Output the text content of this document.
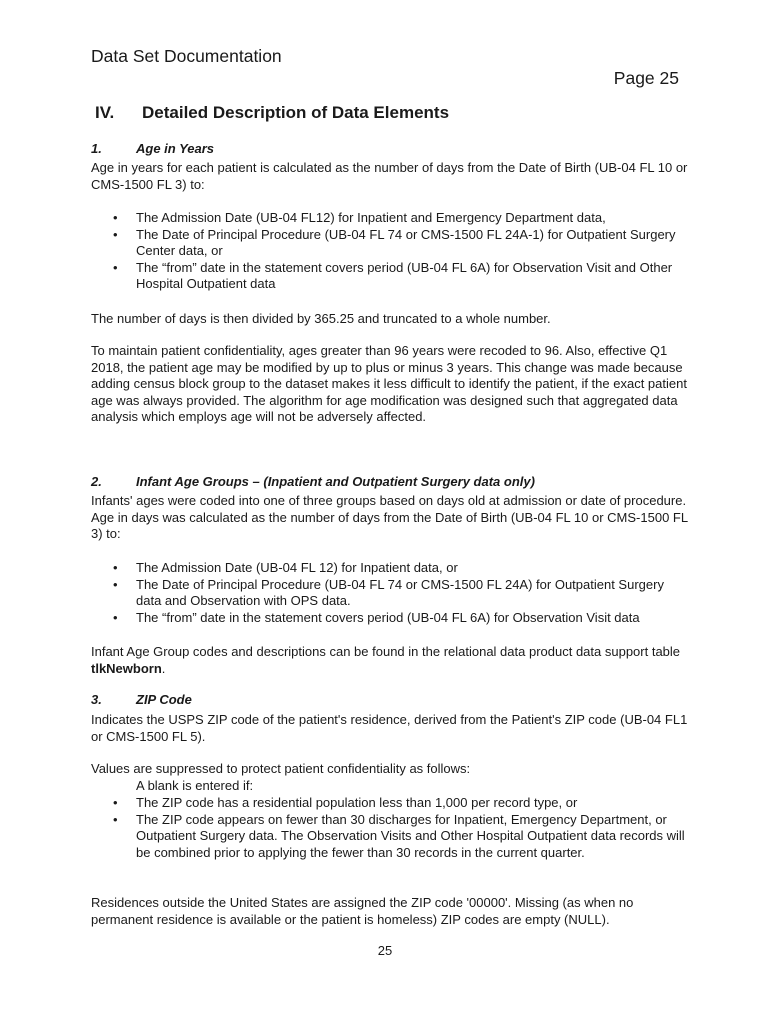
Data Set Documentation
Page 25
IV. Detailed Description of Data Elements
1.	Age in Years
Age in years for each patient is calculated as the number of days from the Date of Birth (UB-04 FL 10 or CMS-1500 FL 3) to:
• The Admission Date (UB-04 FL12) for Inpatient and Emergency Department data,
• The Date of Principal Procedure (UB-04 FL 74 or CMS-1500 FL 24A-1) for Outpatient Surgery Center data, or
• The “from” date in the statement covers period (UB-04 FL 6A) for Observation Visit and Other Hospital Outpatient data
The number of days is then divided by 365.25 and truncated to a whole number.
To maintain patient confidentiality, ages greater than 96 years were recoded to 96. Also, effective Q1 2018, the patient age may be modified by up to plus or minus 3 years. This change was made because adding census block group to the dataset makes it less difficult to identify the patient, if the exact patient age was always provided. The algorithm for age modification was designed such that aggregated data analysis which employs age will not be adversely affected.
2.	Infant Age Groups – (Inpatient and Outpatient Surgery data only)
Infants' ages were coded into one of three groups based on days old at admission or date of procedure. Age in days was calculated as the number of days from the Date of Birth (UB-04 FL 10 or CMS-1500 FL 3) to:
• The Admission Date (UB-04 FL 12) for Inpatient data, or
• The Date of Principal Procedure (UB-04 FL 74 or CMS-1500 FL 24A) for Outpatient Surgery data and Observation with OPS data.
• The “from” date in the statement covers period (UB-04 FL 6A) for Observation Visit data
Infant Age Group codes and descriptions can be found in the relational data product data support table tlkNewborn.
3.	ZIP Code
Indicates the USPS ZIP code of the patient's residence, derived from the Patient's ZIP code (UB-04 FL1 or CMS-1500 FL 5).
Values are suppressed to protect patient confidentiality as follows:
A blank is entered if:
• The ZIP code has a residential population less than 1,000 per record type, or
• The ZIP code appears on fewer than 30 discharges for Inpatient, Emergency Department, or Outpatient Surgery data. The Observation Visits and Other Hospital Outpatient data records will be combined prior to applying the fewer than 30 records in the current quarter.
Residences outside the United States are assigned the ZIP code '00000'. Missing (as when no permanent residence is available or the patient is homeless) ZIP codes are empty (NULL).
25
